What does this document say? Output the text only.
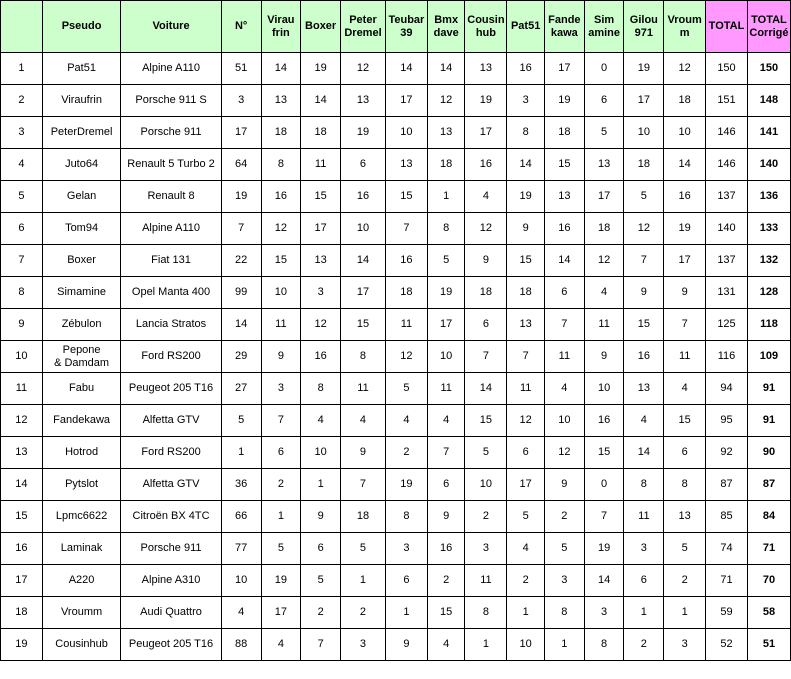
	Pseudo	Voiture	N°	Virau
frin	Boxer	Peter
Dremel	Teubar
39	Bmx
dave	Cousin
hub	Pat51	Fande
kawa	Sim
amine	Gilou
971	Vroum
m	TOTAL	TOTAL
Corrigé
1	Pat51	Alpine A110	51	14	19	12	14	14	13	16	17	0	19	12	150	150
2	Viraufrin	Porsche 911 S	3	13	14	13	17	12	19	3	19	6	17	18	151	148
3	PeterDremel	Porsche 911	17	18	18	19	10	13	17	8	18	5	10	10	146	141
4	Juto64	Renault 5 Turbo 2	64	8	11	6	13	18	16	14	15	13	18	14	146	140
5	Gelan	Renault 8	19	16	15	16	15	1	4	19	13	17	5	16	137	136
6	Tom94	Alpine A110	7	12	17	10	7	8	12	9	16	18	12	19	140	133
7	Boxer	Fiat 131	22	15	13	14	16	5	9	15	14	12	7	17	137	132
8	Simamine	Opel Manta 400	99	10	3	17	18	19	18	18	6	4	9	9	131	128
9	Zébulon	Lancia Stratos	14	11	12	15	11	17	6	13	7	11	15	7	125	118
10	Pepone
& Damdam	Ford RS200	29	9	16	8	12	10	7	7	11	9	16	11	116	109
11	Fabu	Peugeot 205 T16	27	3	8	11	5	11	14	11	4	10	13	4	94	91
12	Fandekawa	Alfetta GTV	5	7	4	4	4	4	15	12	10	16	4	15	95	91
13	Hotrod	Ford RS200	1	6	10	9	2	7	5	6	12	15	14	6	92	90
14	Pytslot	Alfetta GTV	36	2	1	7	19	6	10	17	9	0	8	8	87	87
15	Lpmc6622	Citroën BX 4TC	66	1	9	18	8	9	2	5	2	7	11	13	85	84
16	Laminak	Porsche 911	77	5	6	5	3	16	3	4	5	19	3	5	74	71
17	A220	Alpine A310	10	19	5	1	6	2	11	2	3	14	6	2	71	70
18	Vroumm	Audi Quattro	4	17	2	2	1	15	8	1	8	3	1	1	59	58
19	Cousinhub	Peugeot 205 T16	88	4	7	3	9	4	1	10	1	8	2	3	52	51
